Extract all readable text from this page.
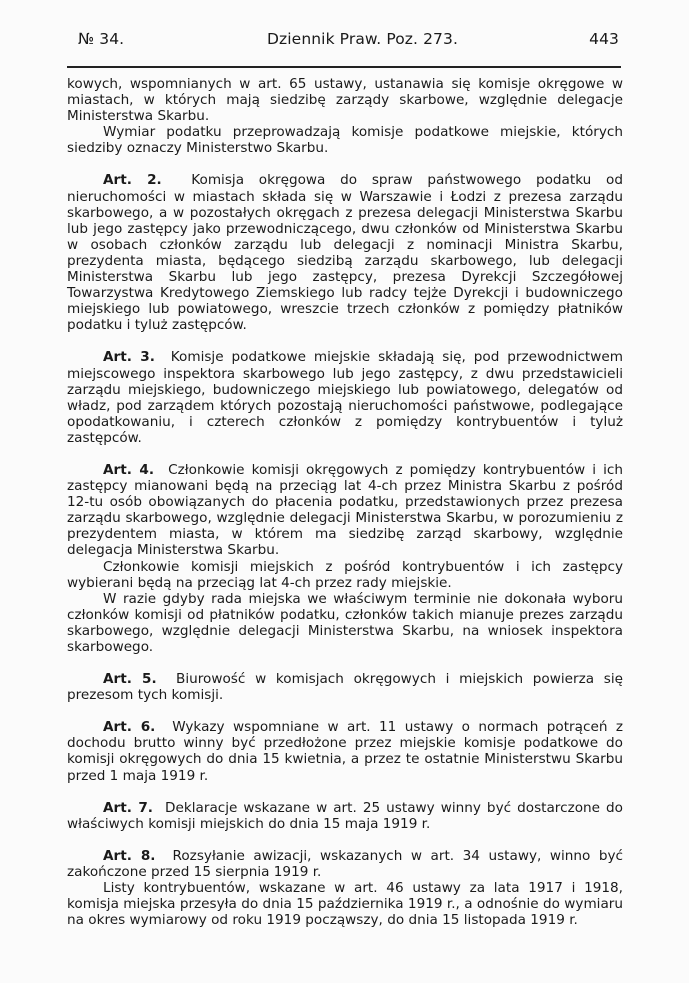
№ 34.	Dziennik Praw. Poz. 273.	443

kowych, wspomnianych w art. 65 ustawy, ustanawia się komisje okręgowe w miastach, w których mają siedzibę zarządy skarbowe, względnie delegacje Ministerstwa Skarbu.

Wymiar podatku przeprowadzają komisje podatkowe miejskie, których siedziby oznaczy Ministerstwo Skarbu.

Art. 2. Komisja okręgowa do spraw państwowego podatku od nieruchomości w miastach składa się w Warszawie i Łodzi z prezesa zarządu skarbowego, a w pozostałych okręgach z prezesa delegacji Ministerstwa Skarbu lub jego zastępcy jako przewodniczącego, dwu członków od Ministerstwa Skarbu w osobach członków zarządu lub delegacji z nominacji Ministra Skarbu, prezydenta miasta, będącego siedzibą zarządu skarbowego, lub delegacji Ministerstwa Skarbu lub jego zastępcy, prezesa Dyrekcji Szczegółowej Towarzystwa Kredytowego Ziemskiego lub radcy tejże Dyrekcji i budowniczego miejskiego lub powiatowego, wreszcie trzech członków z pomiędzy płatników podatku i tyluż zastępców.

Art. 3. Komisje podatkowe miejskie składają się, pod przewodnictwem miejscowego inspektora skarbowego lub jego zastępcy, z dwu przedstawicieli zarządu miejskiego, budowniczego miejskiego lub powiatowego, delegatów od władz, pod zarządem których pozostają nieruchomości państwowe, podlegające opodatkowaniu, i czterech członków z pomiędzy kontrybuentów i tyluż zastępców.

Art. 4. Członkowie komisji okręgowych z pomiędzy kontrybuentów i ich zastępcy mianowani będą na przeciąg lat 4-ch przez Ministra Skarbu z pośród 12-tu osób obowiązanych do płacenia podatku, przedstawionych przez prezesa zarządu skarbowego, względnie delegacji Ministerstwa Skarbu, w porozumieniu z prezydentem miasta, w którem ma siedzibę zarząd skarbowy, względnie delegacja Ministerstwa Skarbu.

Członkowie komisji miejskich z pośród kontrybuentów i ich zastępcy wybierani będą na przeciąg lat 4-ch przez rady miejskie.

W razie gdyby rada miejska we właściwym terminie nie dokonała wyboru członków komisji od płatników podatku, członków takich mianuje prezes zarządu skarbowego, względnie delegacji Ministerstwa Skarbu, na wniosek inspektora skarbowego.

Art. 5. Biurowość w komisjach okręgowych i miejskich powierza się prezesom tych komisji.

Art. 6. Wykazy wspomniane w art. 11 ustawy o normach potrąceń z dochodu brutto winny być przedłożone przez miejskie komisje podatkowe do komisji okręgowych do dnia 15 kwietnia, a przez te ostatnie Ministerstwu Skarbu przed 1 maja 1919 r.

Art. 7. Deklaracje wskazane w art. 25 ustawy winny być dostarczone do właściwych komisji miejskich do dnia 15 maja 1919 r.

Art. 8. Rozsyłanie awizacji, wskazanych w art. 34 ustawy, winno być zakończone przed 15 sierpnia 1919 r.

Listy kontrybuentów, wskazane w art. 46 ustawy za lata 1917 i 1918, komisja miejska przesyła do dnia 15 października 1919 r., a odnośnie do wymiaru na okres wymiarowy od roku 1919 począwszy, do dnia 15 listopada 1919 r.
